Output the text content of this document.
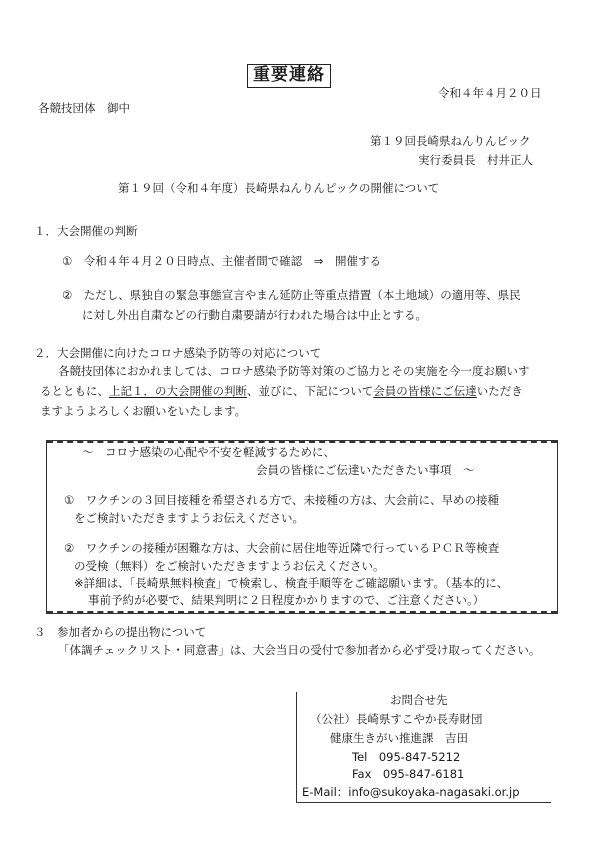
重要連絡
令和４年４月２０日
各競技団体　御中
第１９回長崎県ねんりんピック
実行委員長　村井正人
第１９回（令和４年度）長崎県ねんりんピックの開催について
１．大会開催の判断
①　令和４年４月２０日時点、主催者間で確認　⇒　開催する
②　ただし、県独自の緊急事態宣言やまん延防止等重点措置（本土地域）の適用等、県民
に対し外出自粛などの行動自粛要請が行われた場合は中止とする。
２．大会開催に向けたコロナ感染予防等の対応について
各競技団体におかれましては、コロナ感染予防等対策のご協力とその実施を今一度お願いす
るとともに、上記１．の大会開催の判断、並びに、下記について会員の皆様にご伝達いただき
ますようよろしくお願いをいたします。
～　コロナ感染の心配や不安を軽減するために、
会員の皆様にご伝達いただきたい事項　～
①　ワクチンの３回目接種を希望される方で、未接種の方は、大会前に、早めの接種
をご検討いただきますようお伝えください。
②　ワクチンの接種が困難な方は、大会前に居住地等近隣で行っているＰＣＲ等検査
の受検（無料）をご検討いただきますようお伝えください。
※詳細は、「長崎県無料検査」で検索し、検査手順等をご確認願います。（基本的に、
事前予約が必要で、結果判明に２日程度かかりますので、ご注意ください。）
３　参加者からの提出物について
「体調チェックリスト・同意書」は、大会当日の受付で参加者から必ず受け取ってください。
お問合せ先
（公社）長崎県すこやか長寿財団
健康生きがい推進課　吉田
Tel　095-847-5212
Fax　095-847-6181
E-Mail：info@sukoyaka-nagasaki.or.jp
